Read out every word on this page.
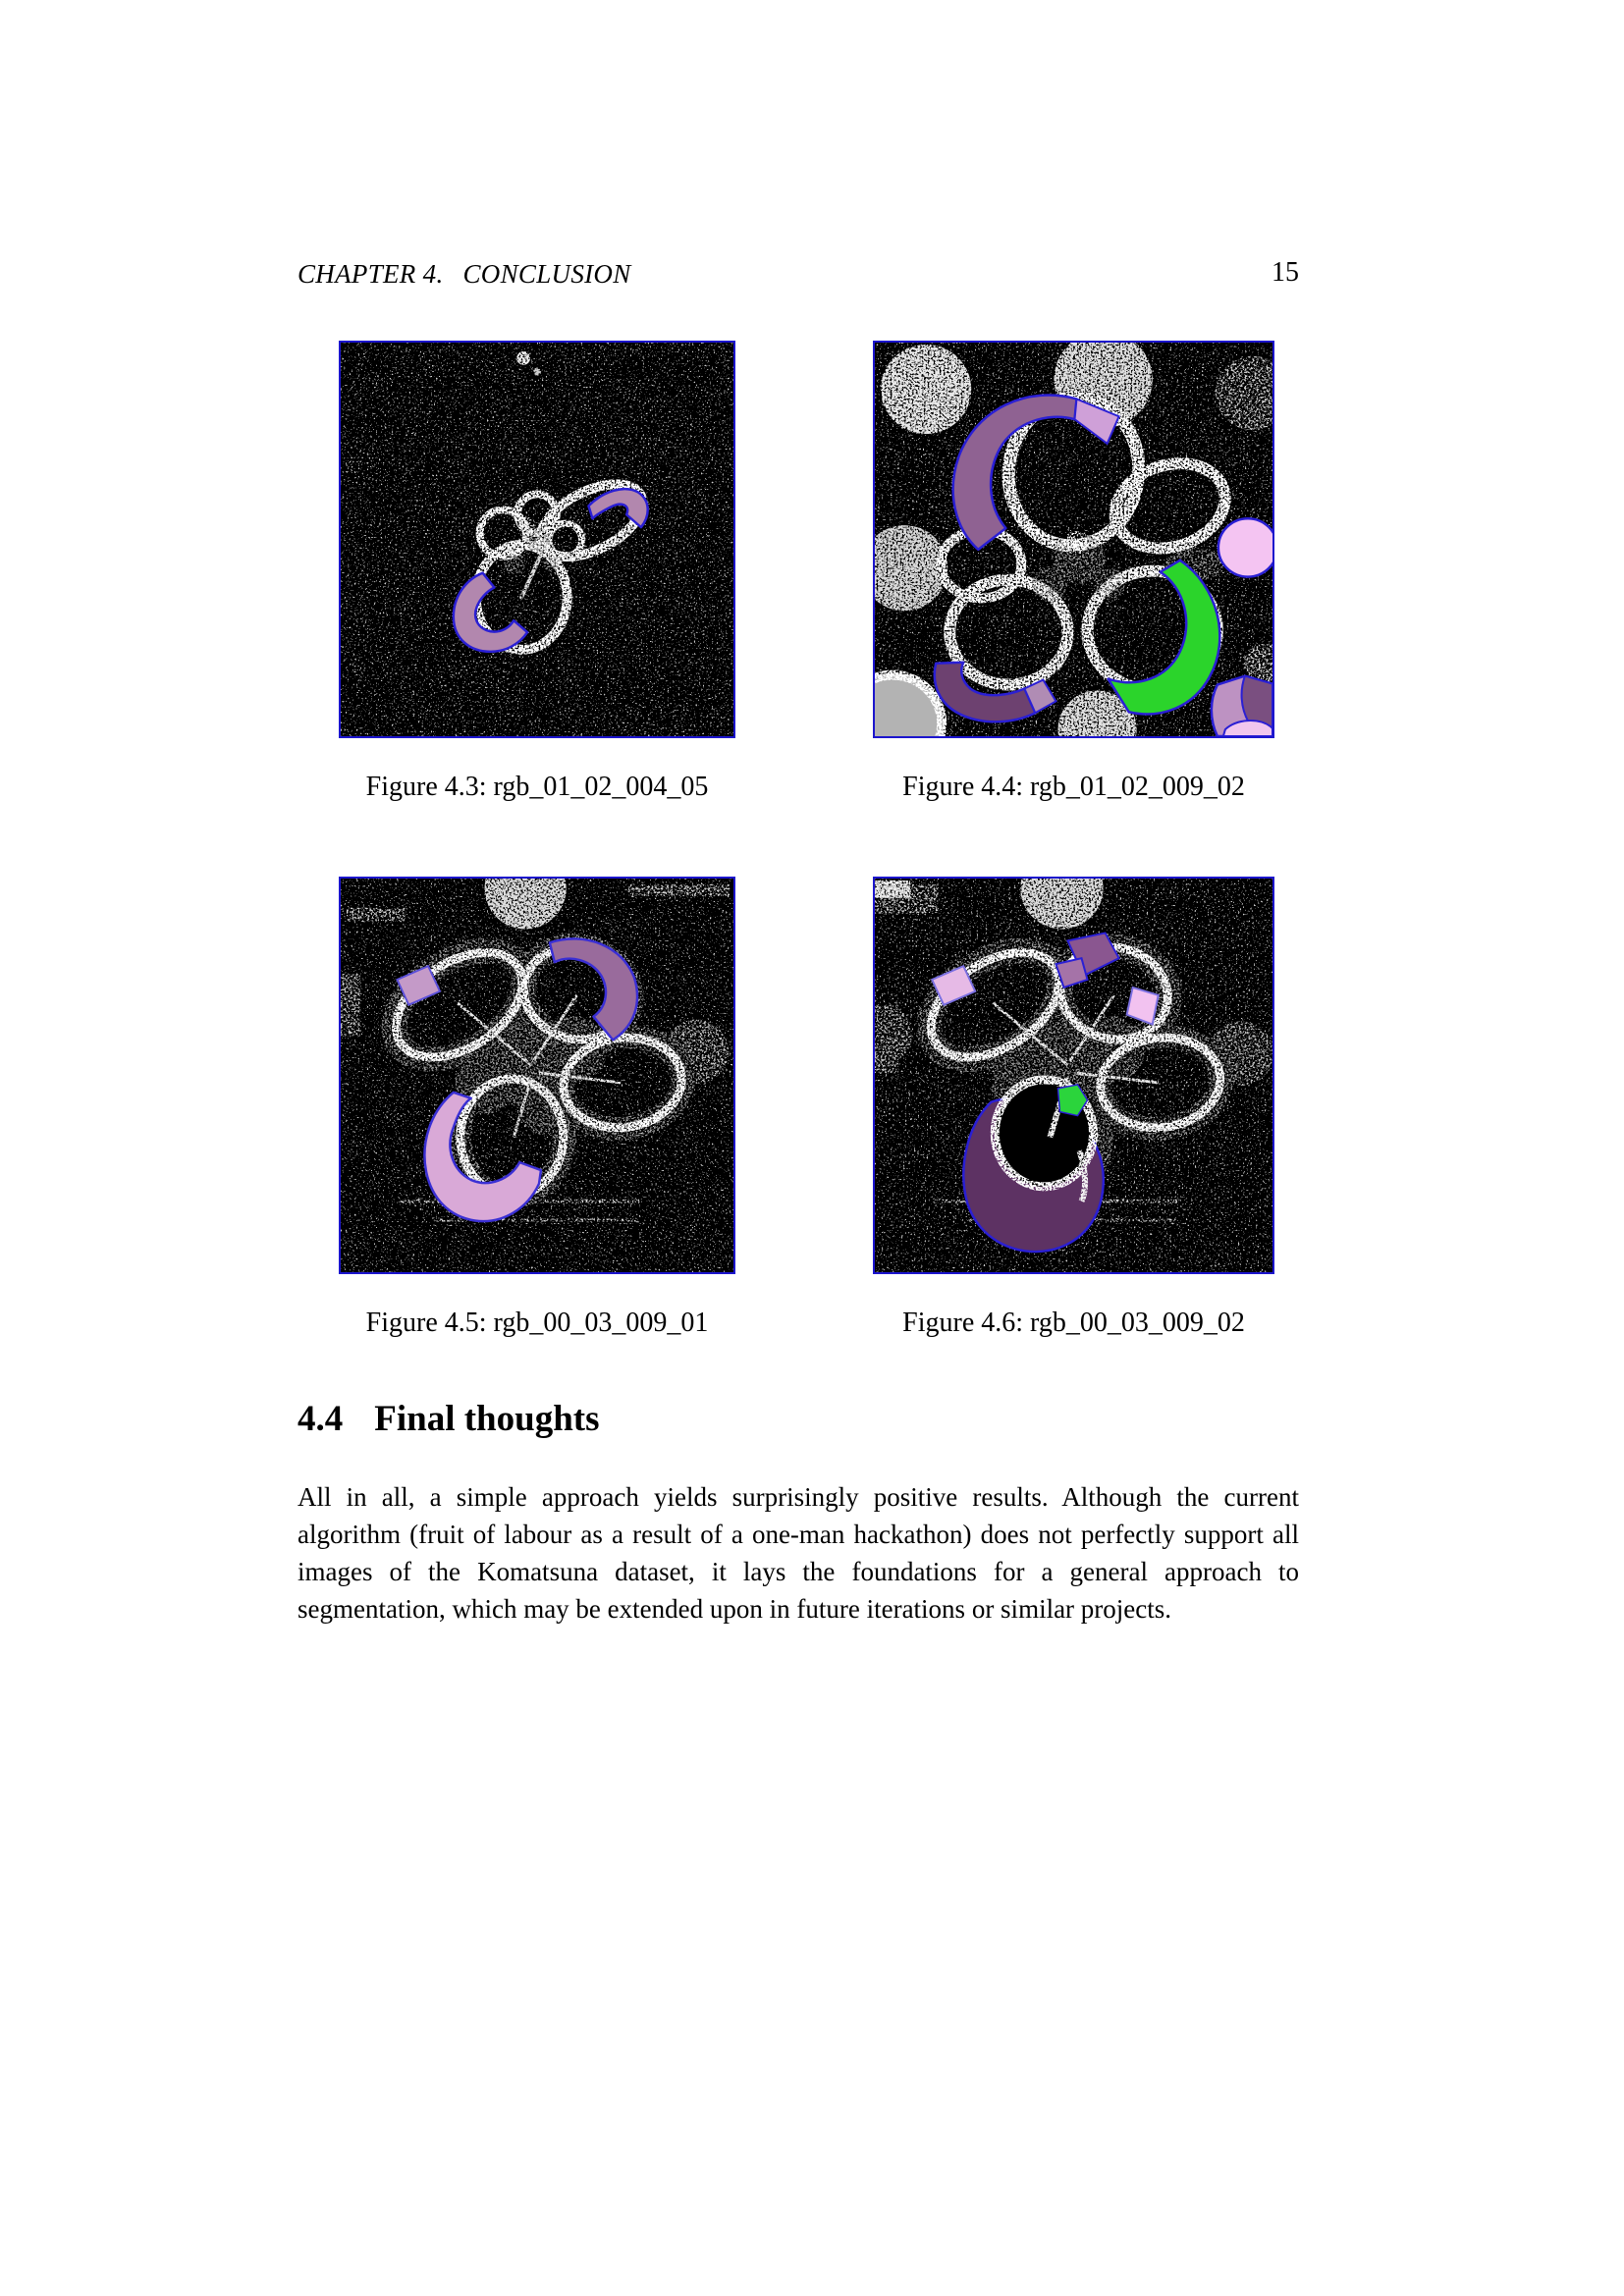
CHAPTER 4. CONCLUSION	15
Figure 4.3: rgb_01_02_004_05	Figure 4.4: rgb_01_02_009_02
Figure 4.5: rgb_00_03_009_01	Figure 4.6: rgb_00_03_009_02
4.4 Final thoughts

All in all, a simple approach yields surprisingly positive results. Although the current algorithm (fruit of labour as a result of a one-man hackathon) does not perfectly support all images of the Komatsuna dataset, it lays the foundations for a general approach to segmentation, which may be extended upon in future iterations or similar projects.
